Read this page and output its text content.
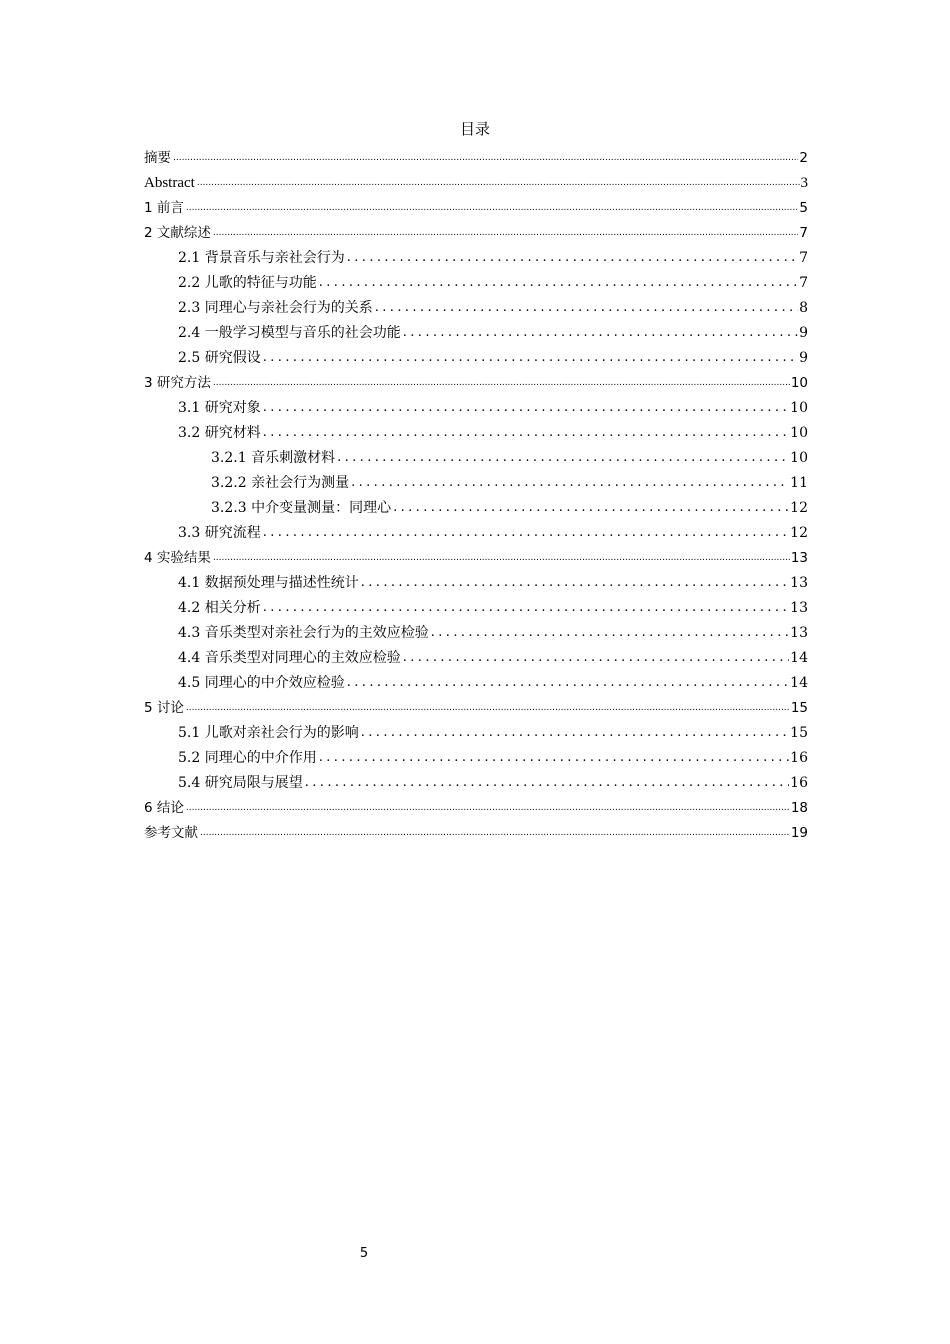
目录
摘要 .....	2
Abstract .....	3
1 前言 .....	5
2 文献综述 .....	7
2.1 背景音乐与亲社会行为 .....	7
2.2 儿歌的特征与功能 .....	7
2.3 同理心与亲社会行为的关系 .....	8
2.4 一般学习模型与音乐的社会功能 .....	9
2.5 研究假设 .....	9
3 研究方法 .....	10
3.1 研究对象 .....	10
3.2 研究材料 .....	10
3.2.1 音乐刺激材料 .....	10
3.2.2 亲社会行为测量 .....	11
3.2.3 中介变量测量：同理心 .....	12
3.3 研究流程 .....	12
4 实验结果 .....	13
4.1 数据预处理与描述性统计 .....	13
4.2 相关分析 .....	13
4.3 音乐类型对亲社会行为的主效应检验 .....	13
4.4 音乐类型对同理心的主效应检验 .....	14
4.5 同理心的中介效应检验 .....	14
5 讨论 .....	15
5.1 儿歌对亲社会行为的影响 .....	15
5.2 同理心的中介作用 .....	16
5.4 研究局限与展望 .....	16
6 结论 .....	18
参考文献 .....	19
5
